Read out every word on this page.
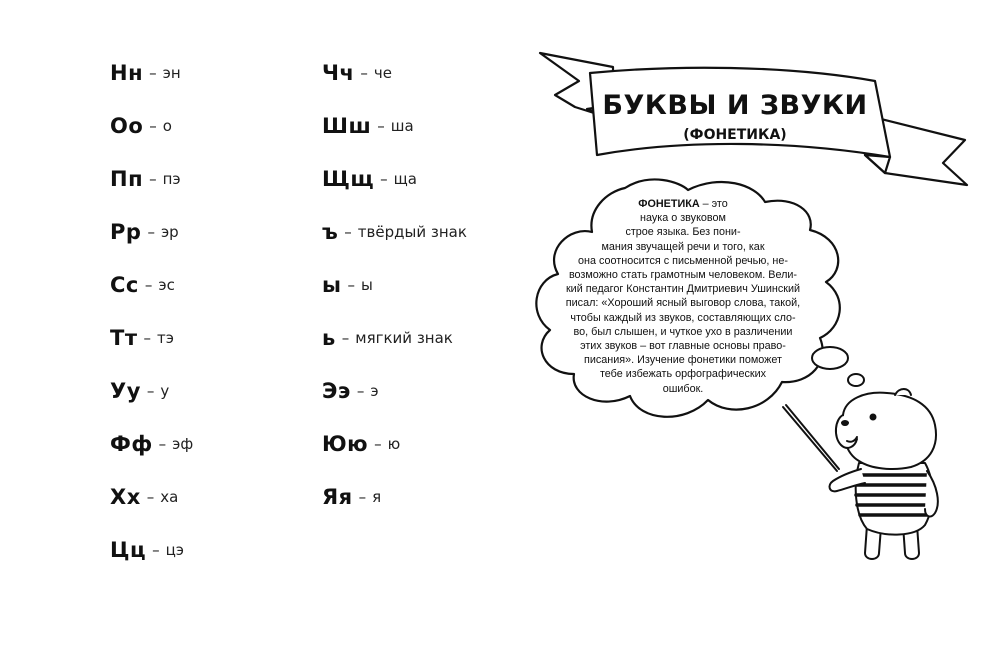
Нн – эн
Оо – о
Пп – пэ
Рр – эр
Сс – эс
Тт – тэ
Уу – у
Фф – эф
Хх – ха
Цц – цэ
Чч – че
Шш – ша
Щщ – ща
ъ – твёрдый знак
ы – ы
ь – мягкий знак
Ээ – э
Юю – ю
Яя – я
БУКВЫ И ЗВУКИ
(ФОНЕТИКА)
ФОНЕТИКА – это
наука о звуковом
строе языка. Без пони-
мания звучащей речи и того, как
она соотносится с письменной речью, не-
возможно стать грамотным человеком. Вели-
кий педагог Константин Дмитриевич Ушинский
писал: «Хороший ясный выговор слова, такой,
чтобы каждый из звуков, составляющих сло-
во, был слышен, и чуткое ухо в различении
этих звуков – вот главные основы право-
писания». Изучение фонетики поможет
тебе избежать орфографических
ошибок.
